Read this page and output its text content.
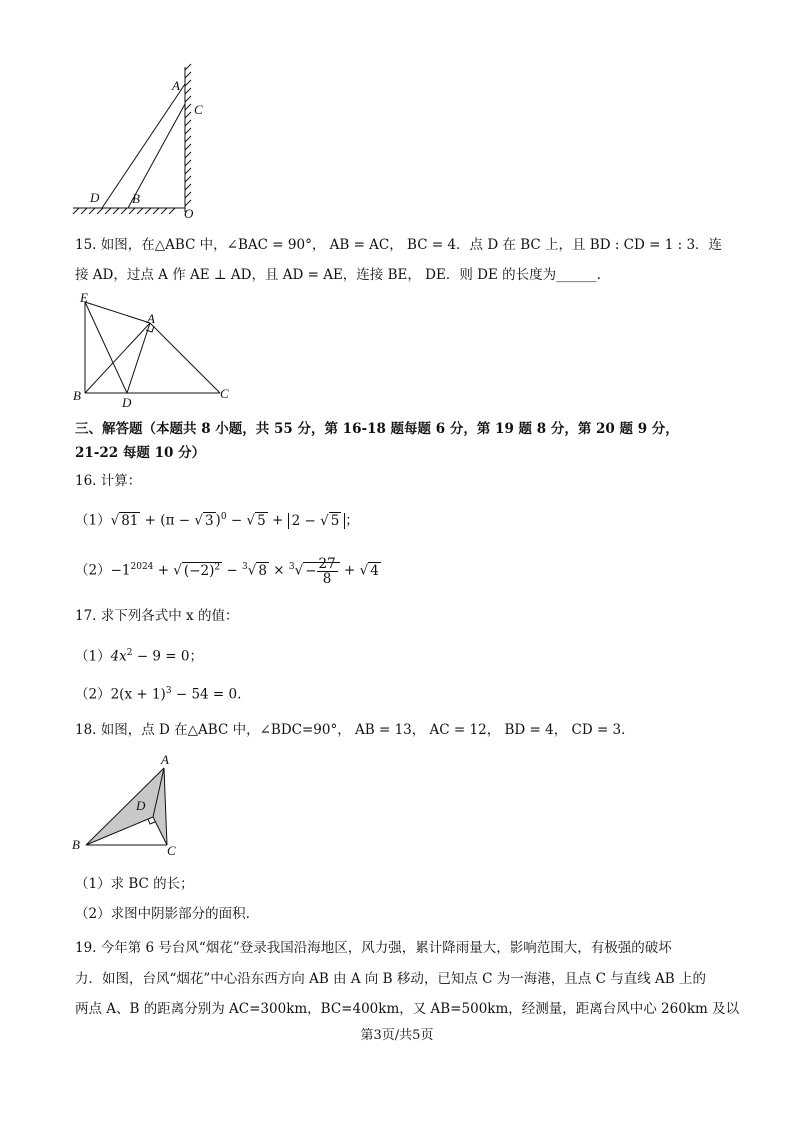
A
C
D	B
O
15. 如图，在△ABC 中，∠BAC = 90°， AB = AC， BC = 4．点 D 在 BC 上，且 BD : CD = 1 : 3．连
接 AD，过点 A 作 AE ⊥ AD，且 AD = AE，连接 BE， DE．则 DE 的长度为______.
E
A
B	D
C
三、解答题（本题共 8 小题，共 55 分，第 16-18 题每题 6 分，第 19 题 8 分，第 20 题 9 分，
21-22 每题 10 分）
16. 计算：
（1）√ 81 + (π − √ 3 )$^0$ − √ 5 + 2 − √ 5 ；
$(2)-1^{2024}$ + √ $(-2)^2 - ^3√$ $8 \times ^3√ - \frac{27}{8}$ + √ 4
17. 求下列各式中 x 的值：
$(1)4x^2 - 9 = 0$；
$(2)2(x + 1)^3 - 54 = 0$.
18. 如图，点 D 在△ABC 中，∠BDC=90°， AB = 13， AC = 12， BD = 4， CD = 3．
A
D
B	C
（1）求 BC 的长；
（2）求图中阴影部分的面积.
19. 今年第 6 号台风“烟花”登录我国沿海地区，风力强，累计降雨量大，影响范围大，有极强的破坏
力．如图，台风“烟花”中心沿东西方向 AB 由 A 向 B 移动，已知点 C 为一海港，且点 C 与直线 AB 上的
两点 A、B 的距离分别为 AC=300km，BC=400km，又 AB=500km，经测量，距离台风中心 260km 及以
第3页/共5页
